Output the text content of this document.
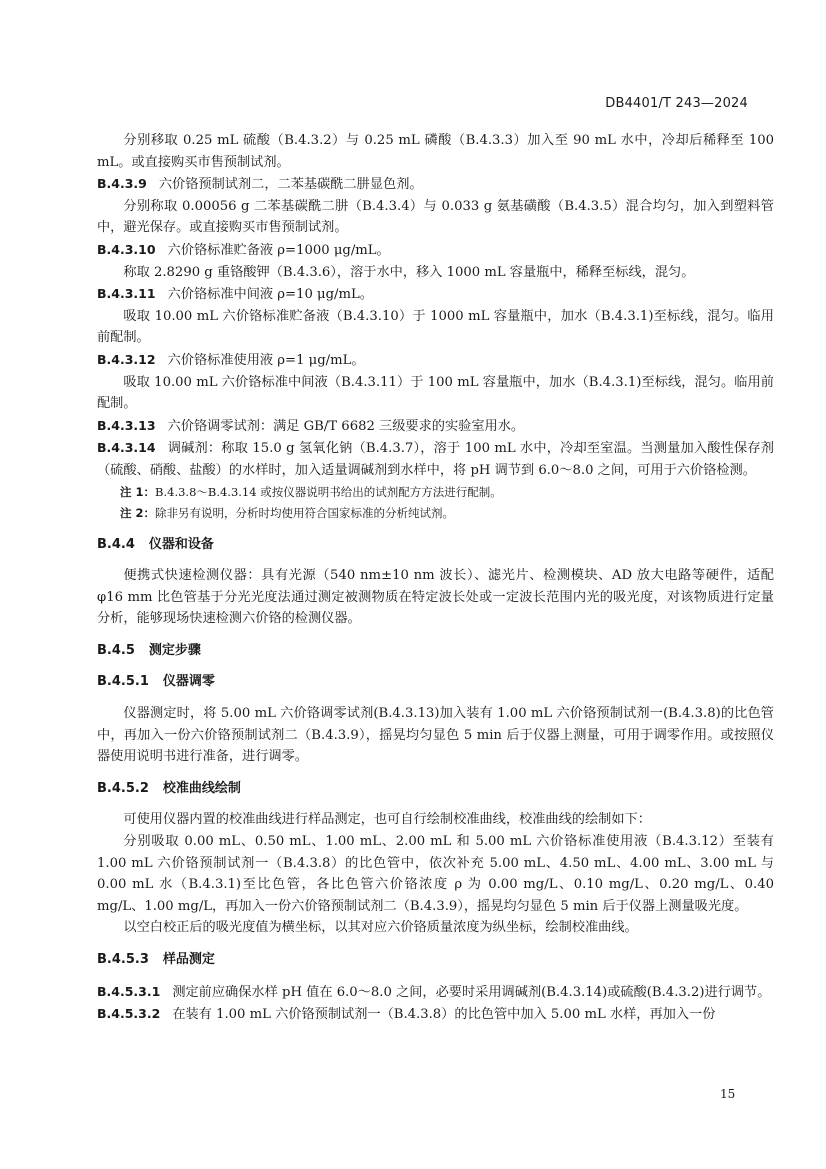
DB4401/T 243—2024

分别移取 0.25 mL 硫酸（B.4.3.2）与 0.25 mL 磷酸（B.4.3.3）加入至 90 mL 水中，冷却后稀释至 100 mL。或直接购买市售预制试剂。

B.4.3.9 六价铬预制试剂二，二苯基碳酰二肼显色剂。

分别称取 0.00056 g 二苯基碳酰二肼（B.4.3.4）与 0.033 g 氨基磺酸（B.4.3.5）混合均匀，加入到塑料管中，避光保存。或直接购买市售预制试剂。

B.4.3.10 六价铬标准贮备液 ρ=1000 μg/mL。

称取 2.8290 g 重铬酸钾（B.4.3.6），溶于水中，移入 1000 mL 容量瓶中，稀释至标线，混匀。

B.4.3.11 六价铬标准中间液 ρ=10 μg/mL。

吸取 10.00 mL 六价铬标准贮备液（B.4.3.10）于 1000 mL 容量瓶中，加水（B.4.3.1)至标线，混匀。临用前配制。

B.4.3.12 六价铬标准使用液 ρ=1 μg/mL。

吸取 10.00 mL 六价铬标准中间液（B.4.3.11）于 100 mL 容量瓶中，加水（B.4.3.1)至标线，混匀。临用前配制。

B.4.3.13 六价铬调零试剂：满足 GB/T 6682 三级要求的实验室用水。

B.4.3.14 调碱剂：称取 15.0 g 氢氧化钠（B.4.3.7），溶于 100 mL 水中，冷却至室温。当测量加入酸性保存剂（硫酸、硝酸、盐酸）的水样时，加入适量调碱剂到水样中，将 pH 调节到 6.0～8.0 之间，可用于六价铬检测。

注 1：B.4.3.8～B.4.3.14 或按仪器说明书给出的试剂配方方法进行配制。

注 2：除非另有说明，分析时均使用符合国家标准的分析纯试剂。

B.4.4 仪器和设备

便携式快速检测仪器：具有光源（540 nm±10 nm 波长）、滤光片、检测模块、AD 放大电路等硬件，适配 φ16 mm 比色管基于分光光度法通过测定被测物质在特定波长处或一定波长范围内光的吸光度，对该物质进行定量分析，能够现场快速检测六价铬的检测仪器。

B.4.5 测定步骤
B.4.5.1 仪器调零

仪器测定时，将 5.00 mL 六价铬调零试剂(B.4.3.13)加入装有 1.00 mL 六价铬预制试剂一(B.4.3.8)的比色管中，再加入一份六价铬预制试剂二（B.4.3.9），摇晃均匀显色 5 min 后于仪器上测量，可用于调零作用。或按照仪器使用说明书进行准备，进行调零。

B.4.5.2 校准曲线绘制

可使用仪器内置的校准曲线进行样品测定，也可自行绘制校准曲线，校准曲线的绘制如下：

分别吸取 0.00 mL、0.50 mL、1.00 mL、2.00 mL 和 5.00 mL 六价铬标准使用液（B.4.3.12）至装有 1.00 mL 六价铬预制试剂一（B.4.3.8）的比色管中，依次补充 5.00 mL、4.50 mL、4.00 mL、3.00 mL 与 0.00 mL 水（B.4.3.1)至比色管，各比色管六价铬浓度 ρ 为 0.00 mg/L、0.10 mg/L、0.20 mg/L、0.40 mg/L、1.00 mg/L，再加入一份六价铬预制试剂二（B.4.3.9），摇晃均匀显色 5 min 后于仪器上测量吸光度。

以空白校正后的吸光度值为横坐标，以其对应六价铬质量浓度为纵坐标，绘制校准曲线。

B.4.5.3 样品测定

B.4.5.3.1 测定前应确保水样 pH 值在 6.0～8.0 之间，必要时采用调碱剂(B.4.3.14)或硫酸(B.4.3.2)进行调节。

B.4.5.3.2 在装有 1.00 mL 六价铬预制试剂一（B.4.3.8）的比色管中加入 5.00 mL 水样，再加入一份

15
